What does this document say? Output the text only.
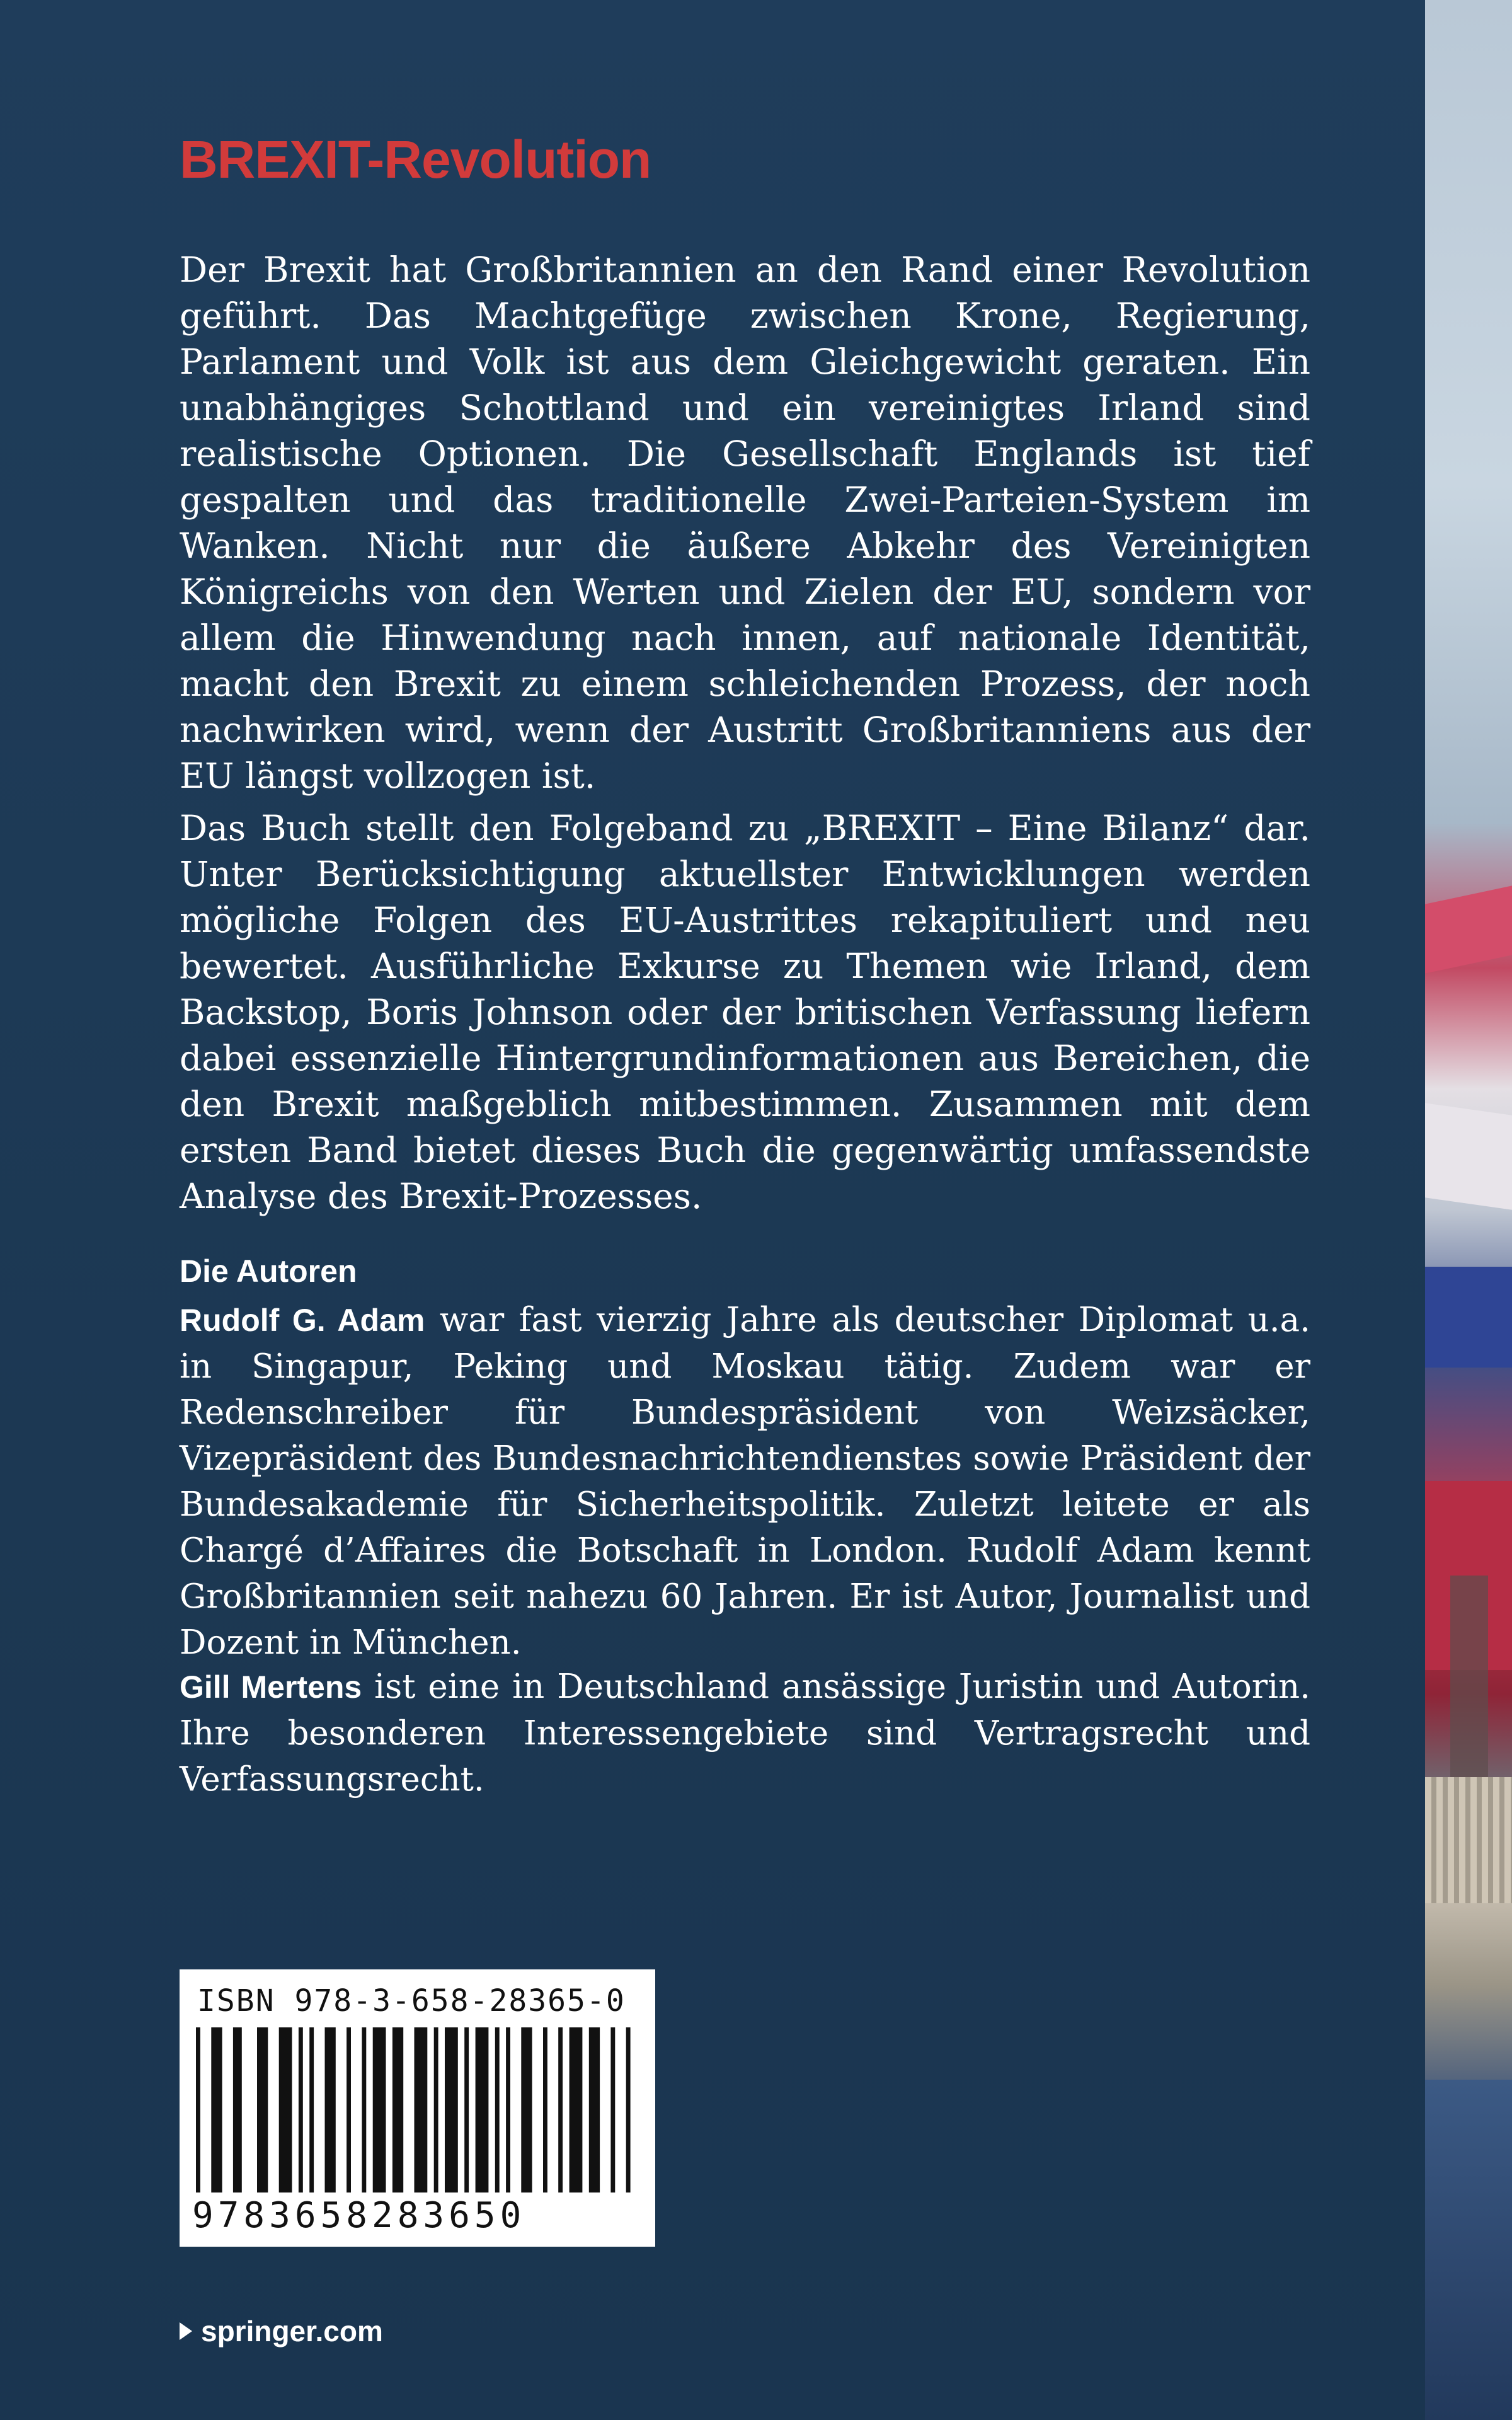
BREXIT-Revolution

Der Brexit hat Großbritannien an den Rand einer Revolution geführt. Das Machtgefüge zwischen Krone, Regierung, Parlament und Volk ist aus dem Gleichgewicht geraten. Ein unabhängiges Schottland und ein vereinigtes Irland sind realistische Optionen. Die Gesellschaft Englands ist tief gespalten und das traditionelle Zwei-Parteien-System im Wanken. Nicht nur die äußere Abkehr des Vereinigten Königreichs von den Werten und Zielen der EU, sondern vor allem die Hinwendung nach innen, auf nationale Identität, macht den Brexit zu einem schleichenden Prozess, der noch nachwirken wird, wenn der Austritt Großbritanniens aus der EU längst vollzogen ist.

Das Buch stellt den Folgeband zu „BREXIT – Eine Bilanz“ dar. Unter Berücksichtigung aktuellster Entwicklungen werden mögliche Folgen des EU-Austrittes rekapituliert und neu bewertet. Ausführliche Exkurse zu Themen wie Irland, dem Backstop, Boris Johnson oder der britischen Verfassung liefern dabei essenzielle Hintergrundinformationen aus Bereichen, die den Brexit maßgeblich mitbestimmen. Zusammen mit dem ersten Band bietet dieses Buch die gegenwärtig umfassendste Analyse des Brexit-Prozesses.

Die Autoren

Rudolf G. Adam war fast vierzig Jahre als deutscher Diplomat u.a. in Singapur, Peking und Moskau tätig. Zudem war er Redenschreiber für Bundespräsident von Weizsäcker, Vizepräsident des Bundesnachrichtendienstes sowie Präsident der Bundesakademie für Sicherheitspolitik. Zuletzt leitete er als Chargé d’Affaires die Botschaft in London. Rudolf Adam kennt Großbritannien seit nahezu 60 Jahren. Er ist Autor, Journalist und Dozent in München.

Gill Mertens ist eine in Deutschland ansässige Juristin und Autorin. Ihre besonderen Interessengebiete sind Vertragsrecht und Verfassungsrecht.

ISBN 978-3-658-28365-0
9783658283650
springer.com
